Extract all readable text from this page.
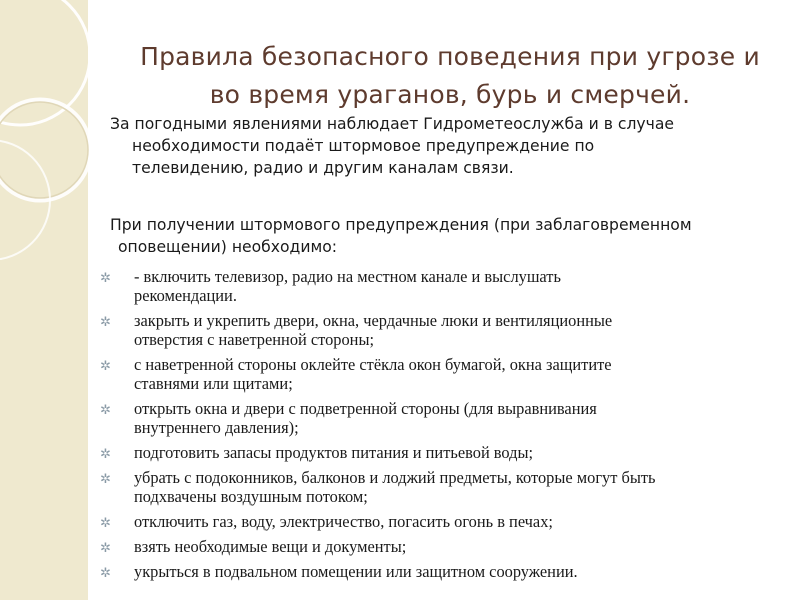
Правила безопасного поведения при угрозе и
во время ураганов, бурь и смерчей.

За погодными явлениями наблюдает Гидрометеослужба и в случае
необходимости подаёт штормовое предупреждение по
телевидению, радио и другим каналам связи.

При получении штормового предупреждения (при заблаговременном
оповещении) необходимо:

✲ - включить телевизор, радио на местном канале и выслушать
рекомендации.
✲ закрыть и укрепить двери, окна, чердачные люки и вентиляционные
отверстия с наветренной стороны;
✲ с наветренной стороны оклейте стёкла окон бумагой, окна защитите
ставнями или щитами;
✲ открыть окна и двери с подветренной стороны (для выравнивания
внутреннего давления);
✲ подготовить запасы продуктов питания и питьевой воды;
✲ убрать с подоконников, балконов и лоджий предметы, которые могут быть
подхвачены воздушным потоком;
✲ отключить газ, воду, электричество, погасить огонь в печах;
✲ взять необходимые вещи и документы;
✲ укрыться в подвальном помещении или защитном сооружении.
